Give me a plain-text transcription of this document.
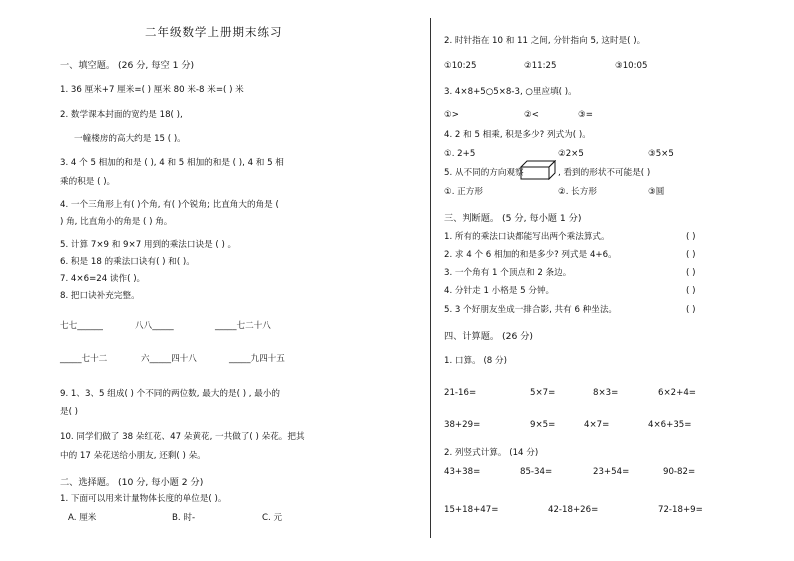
二年级数学上册期末练习
一、填空题。 (26 分, 每空 1 分)
1. 36 厘米+7 厘米=( ) 厘米 80 米-8 米=( ) 米
2. 数学课本封面的宽约是 18( ),
一幢楼房的高大约是 15 ( )。
3. 4 个 5 相加的和是 ( ), 4 和 5 相加的和是 ( ), 4 和 5 相
乘的积是 ( )。
4. 一个三角形上有( )个角, 有( )个锐角; 比直角大的角是 (
) 角, 比直角小的角是 ( ) 角。
5. 计算 7×9 和 9×7 用到的乘法口诀是 ( ) 。
6. 积是 18 的乘法口诀有( ) 和( )。
7. 4×6=24 读作( )。
8. 把口诀补充完整。
七七______	八八_____	_____七二十八
_____七十二	六_____四十八	_____九四十五
9. 1、3、5 组成( ) 个不同的两位数, 最大的是( ) , 最小的
是( )
10. 同学们做了 38 朵红花、47 朵黄花, 一共做了( ) 朵花。把其
中的 17 朵花送给小朋友, 还剩( ) 朵。
二、选择题。 (10 分, 每小题 2 分)
1. 下面可以用来计量物体长度的单位是( )。
A. 厘米	B. 时-	C. 元
2. 时针指在 10 和 11 之间, 分针指向 5, 这时是( )。
①10:25	②11:25	③10:05
3. 4×8+5○5×8-3, ○里应填( )。
①>	②<	③=
4. 2 和 5 相乘, 积是多少? 列式为( )。
①. 2+5	②2×5	③5×5
5. 从不同的方向观察	, 看到的形状不可能是( )
①. 正方形	②. 长方形	③圆
三、判断题。 (5 分, 每小题 1 分)
1. 所有的乘法口诀都能写出两个乘法算式。	( )
2. 求 4 个 6 相加的和是多少? 列式是 4+6。	( )
3. 一个角有 1 个顶点和 2 条边。	( )
4. 分针走 1 小格是 5 分钟。	( )
5. 3 个好朋友坐成一排合影, 共有 6 种坐法。	( )
四、计算题。 (26 分)
1. 口算。 (8 分)
21-16=	5×7=	8×3=	6×2+4=
38+29=	9×5=	4×7=	4×6+35=
2. 列竖式计算。 (14 分)
43+38=	85-34=	23+54=	90-82=
15+18+47=	42-18+26=	72-18+9=
